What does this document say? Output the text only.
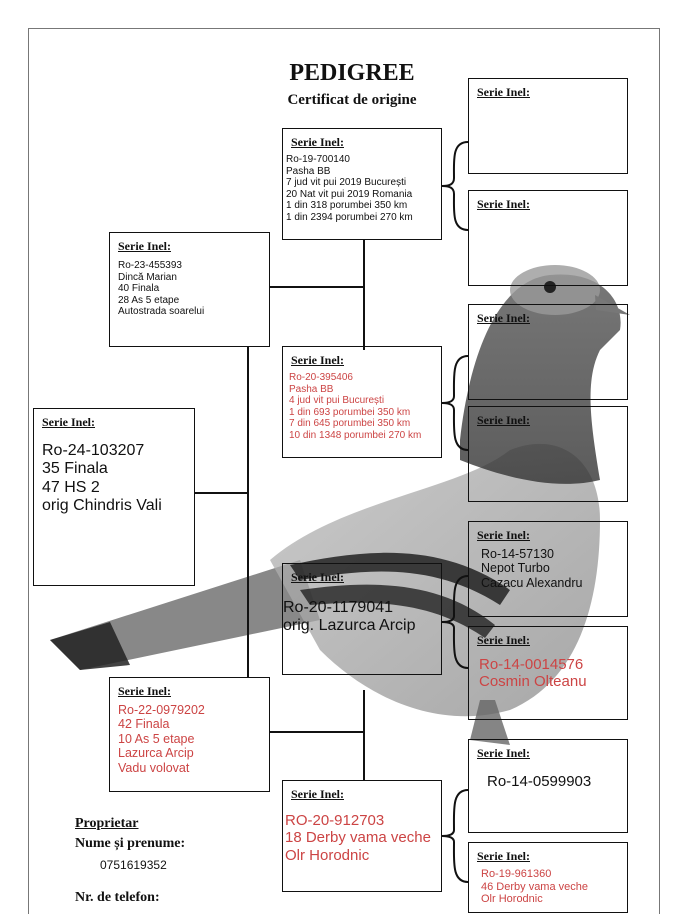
PEDIGREE
Certificat de origine
Serie Inel:
Ro-24-103207
35 Finala
47 HS 2
orig Chindris Vali
Serie Inel:
Ro-23-455393
Dincă Marian
40 Finala
28 As 5 etape
Autostrada soarelui
Serie Inel:
Ro-22-0979202
42 Finala
10 As 5 etape
Lazurca Arcip
Vadu volovat
Serie Inel:
Ro-19-700140
Pasha BB
7 jud vit pui 2019 București
20 Nat vit pui 2019 Romania
1 din 318 porumbei 350 km
1 din 2394 porumbei 270 km
Serie Inel:
Ro-20-395406
Pasha BB
4 jud vit pui București
1 din 693 porumbei 350 km
7 din 645 porumbei 350 km
10 din 1348 porumbei 270 km
Serie Inel:
Ro-20-1179041
orig. Lazurca Arcip
Serie Inel:
RO-20-912703
18 Derby vama veche
Olr Horodnic
Serie Inel:
Serie Inel:
Serie Inel:
Serie Inel:
Serie Inel:
Ro-14-57130
Nepot Turbo
Cazacu Alexandru
Serie Inel:
Ro-14-0014576
Cosmin Olteanu
Serie Inel:
Ro-14-0599903
Serie Inel:
Ro-19-961360
46 Derby vama veche
Olr Horodnic
Proprietar
Nume și prenume:
0751619352
Nr. de telefon:
